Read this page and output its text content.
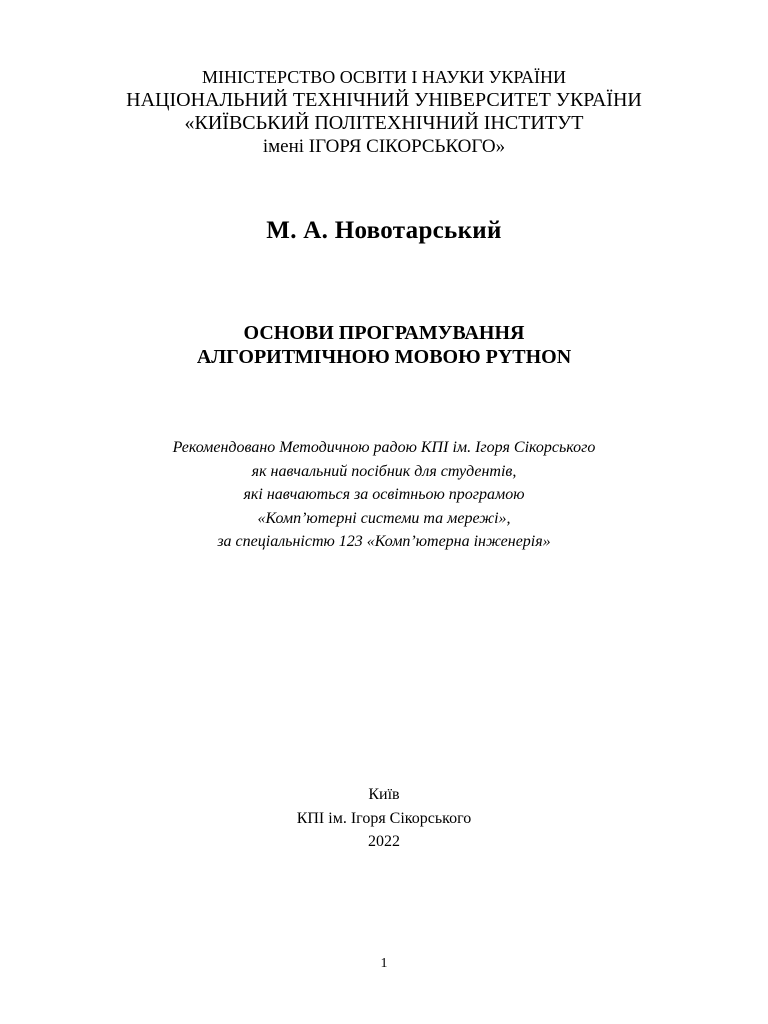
МІНІСТЕРСТВО ОСВІТИ І НАУКИ УКРАЇНИ
НАЦІОНАЛЬНИЙ ТЕХНІЧНИЙ УНІВЕРСИТЕТ УКРАЇНИ
«КИЇВСЬКИЙ ПОЛІТЕХНІЧНИЙ ІНСТИТУТ
імені ІГОРЯ СІКОРСЬКОГО»
М. А. Новотарський
ОСНОВИ ПРОГРАМУВАННЯ
АЛГОРИТМІЧНОЮ МОВОЮ PYTHON
Рекомендовано Методичною радою КПІ ім. Ігоря Сікорського
як навчальний посібник для студентів,
які навчаються за освітньою програмою
«Комп’ютерні системи та мережі»,
за спеціальністю 123 «Комп’ютерна інженерія»
Київ
КПІ ім. Ігоря Сікорського
2022
1
